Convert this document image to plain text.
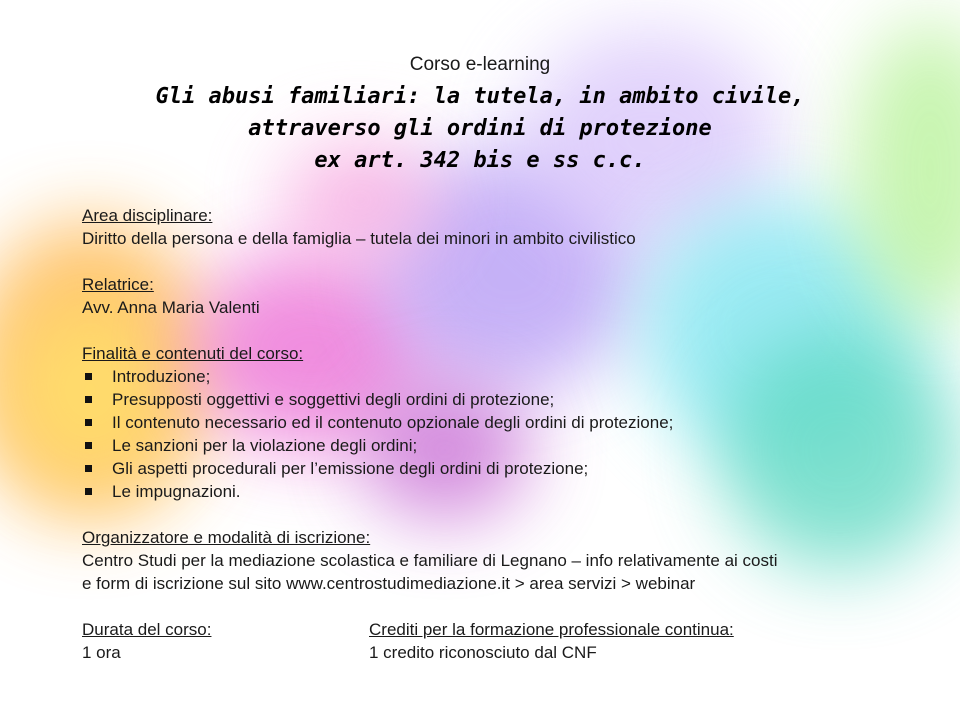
Corso e-learning
Gli abusi familiari: la tutela, in ambito civile,
attraverso gli ordini di protezione
ex art. 342 bis e ss c.c.
Area disciplinare:
Diritto della persona e della famiglia – tutela dei minori in ambito civilistico
Relatrice:
Avv. Anna Maria Valenti
Finalità e contenuti del corso:
Introduzione;
Presupposti oggettivi e soggettivi degli ordini di protezione;
Il contenuto necessario ed il contenuto opzionale degli ordini di protezione;
Le sanzioni per la violazione degli ordini;
Gli aspetti procedurali per l’emissione degli ordini di protezione;
Le impugnazioni.
Organizzatore e modalità di iscrizione:
Centro Studi per la mediazione scolastica e familiare di Legnano – info relativamente ai costi
e form di iscrizione sul sito www.centrostudimediazione.it > area servizi > webinar
Durata del corso:
1 ora
Crediti per la formazione professionale continua:
1 credito riconosciuto dal CNF
